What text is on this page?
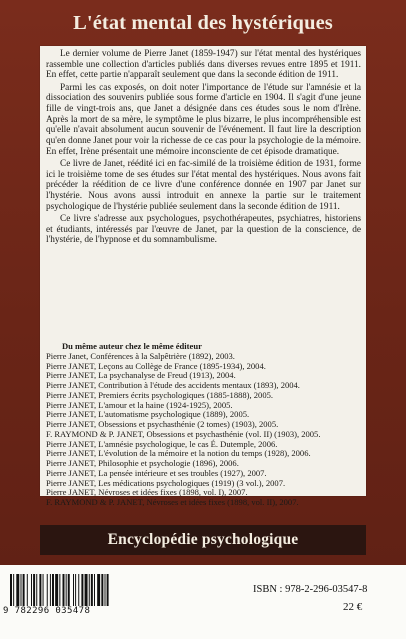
L'état mental des hystériques

Le dernier volume de Pierre Janet (1859-1947) sur l'état mental des hystériques rassemble une collection d'articles publiés dans diverses revues entre 1895 et 1911. En effet, cette partie n'apparaît seulement que dans la seconde édition de 1911.

Parmi les cas exposés, on doit noter l'importance de l'étude sur l'amnésie et la dissociation des souvenirs publiée sous forme d'article en 1904. Il s'agit d'une jeune fille de vingt-trois ans, que Janet a désignée dans ces études sous le nom d'Irène. Après la mort de sa mère, le symptôme le plus bizarre, le plus incompréhensible est qu'elle n'avait absolument aucun souvenir de l'événement. Il faut lire la description qu'en donne Janet pour voir la richesse de ce cas pour la psychologie de la mémoire. En effet, Irène présentait une mémoire inconsciente de cet épisode dramatique.

Ce livre de Janet, réédité ici en fac-similé de la troisième édition de 1931, forme ici le troisième tome de ses études sur l'état mental des hystériques. Nous avons fait précéder la réédition de ce livre d'une conférence donnée en 1907 par Janet sur l'hystérie. Nous avons aussi introduit en annexe la partie sur le traitement psychologique de l'hystérie publiée seulement dans la seconde édition de 1911.

Ce livre s'adresse aux psychologues, psychothérapeutes, psychiatres, historiens et étudiants, intéressés par l'œuvre de Janet, par la question de la conscience, de l'hystérie, de l'hypnose et du somnambulisme.

Du même auteur chez le même éditeur
Pierre Janet, Conférences à la Salpêtrière (1892), 2003.
Pierre JANET, Leçons au Collège de France (1895-1934), 2004.
Pierre JANET, La psychanalyse de Freud (1913), 2004.
Pierre JANET, Contribution à l'étude des accidents mentaux (1893), 2004.
Pierre JANET, Premiers écrits psychologiques (1885-1888), 2005.
Pierre JANET, L'amour et la haine (1924-1925), 2005.
Pierre JANET, L'automatisme psychologique (1889), 2005.
Pierre JANET, Obsessions et psychasthénie (2 tomes) (1903), 2005.
F. RAYMOND & P. JANET, Obsessions et psychasthénie (vol. II) (1903), 2005.
Pierre JANET, L'amnésie psychologique, le cas É. Dutemple, 2006.
Pierre JANET, L'évolution de la mémoire et la notion du temps (1928), 2006.
Pierre JANET, Philosophie et psychologie (1896), 2006.
Pierre JANET, La pensée intérieure et ses troubles (1927), 2007.
Pierre JANET, Les médications psychologiques (1919) (3 vol.), 2007.
Pierre JANET, Névroses et idées fixes (1898, vol. I), 2007.
F. RAYMOND & P. JANET, Névroses et idées fixes (1898, vol. II), 2007.
Encyclopédie psychologique
9 782296 035478
ISBN : 978-2-296-03547-8
22 €
